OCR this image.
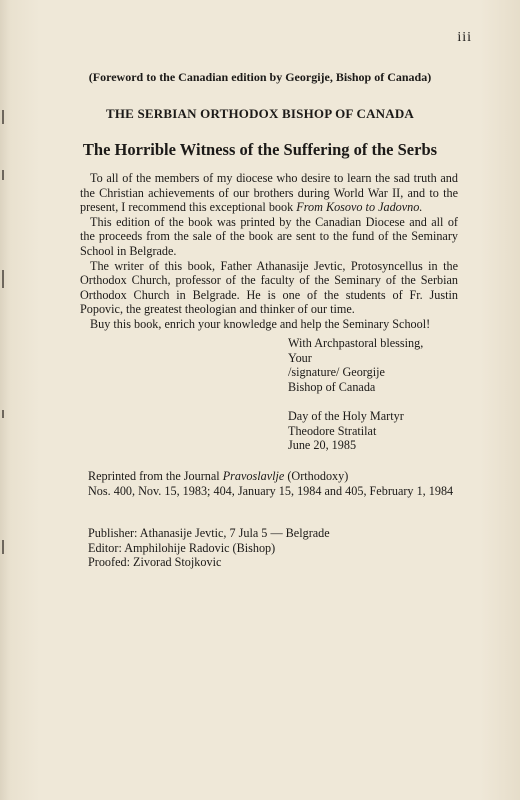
iii
(Foreword to the Canadian edition by Georgije, Bishop of Canada)
THE SERBIAN ORTHODOX BISHOP OF CANADA
The Horrible Witness of the Suffering of the Serbs

To all of the members of my diocese who desire to learn the sad truth and the Christian achievements of our brothers during World War II, and to the present, I recommend this exceptional book From Kosovo to Jadovno.

This edition of the book was printed by the Canadian Diocese and all of the proceeds from the sale of the book are sent to the fund of the Seminary School in Belgrade.

The writer of this book, Father Athanasije Jevtic, Protosyncellus in the Orthodox Church, professor of the faculty of the Seminary of the Serbian Orthodox Church in Belgrade. He is one of the students of Fr. Justin Popovic, the greatest theologian and thinker of our time.

Buy this book, enrich your knowledge and help the Seminary School!

With Archpastoral blessing,
Your
/signature/ Georgije
Bishop of Canada
Day of the Holy Martyr
Theodore Stratilat
June 20, 1985
Reprinted from the Journal Pravoslavlje (Orthodoxy)
Nos. 400, Nov. 15, 1983; 404, January 15, 1984 and 405, February 1, 1984
Publisher: Athanasije Jevtic, 7 Jula 5 — Belgrade
Editor: Amphilohije Radovic (Bishop)
Proofed: Zivorad Stojkovic
